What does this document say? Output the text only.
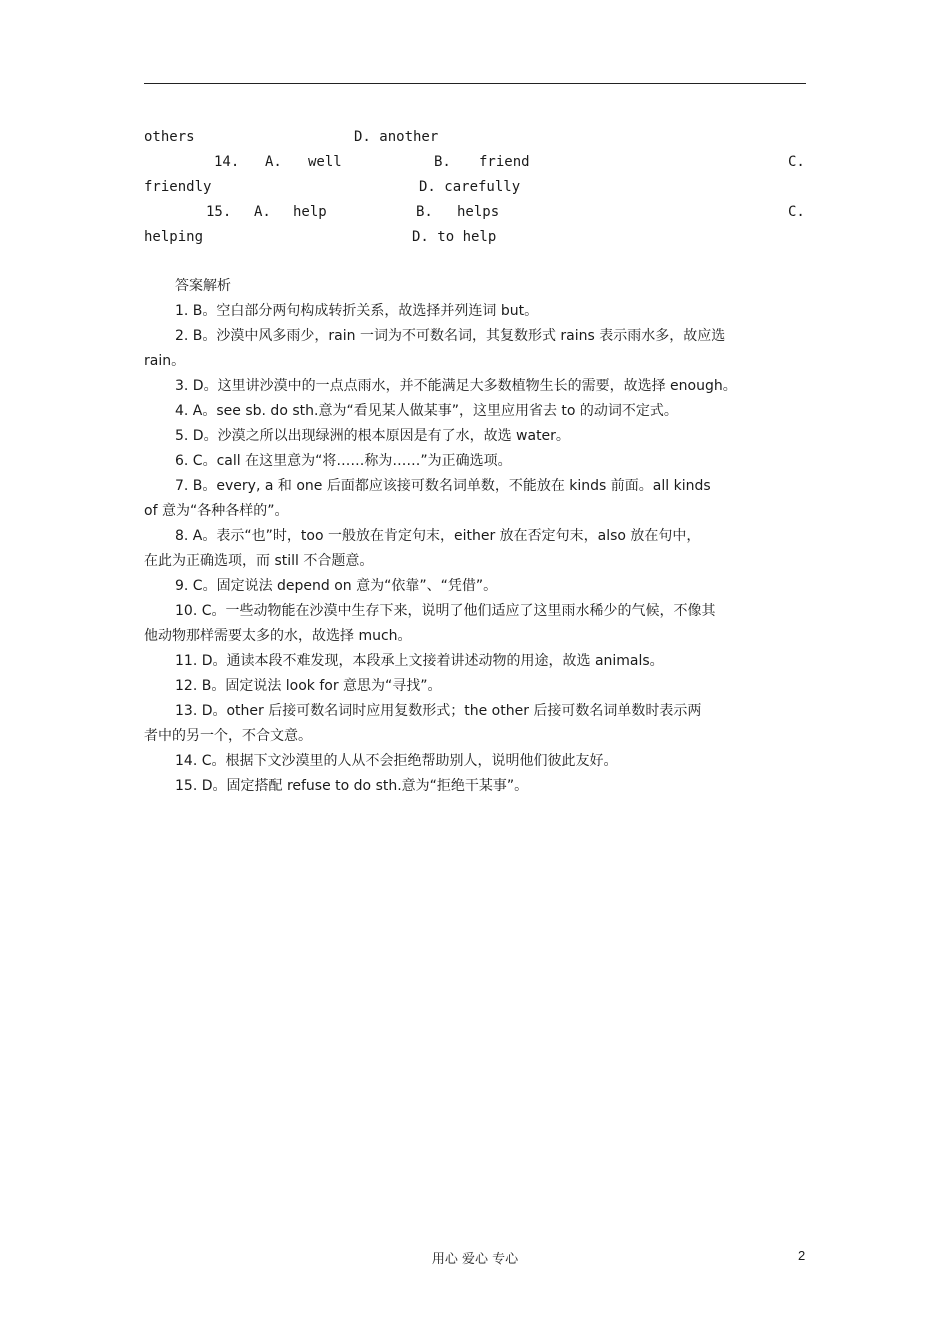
others	D. another
14. A. well	B. friend	C.
friendly	D. carefully
15. A. help	B. helps	C.
helping	D. to help
答案解析
1. B。空白部分两句构成转折关系，故选择并列连词 but。
2. B。沙漠中风多雨少，rain 一词为不可数名词，其复数形式 rains 表示雨水多，故应选
rain。
3. D。这里讲沙漠中的一点点雨水，并不能满足大多数植物生长的需要，故选择 enough。
4. A。see sb. do sth.意为“看见某人做某事”，这里应用省去 to 的动词不定式。
5. D。沙漠之所以出现绿洲的根本原因是有了水，故选 water。
6. C。call 在这里意为“将……称为……”为正确选项。
7. B。every, a 和 one 后面都应该接可数名词单数，不能放在 kinds 前面。all kinds
of 意为“各种各样的”。
8. A。表示“也”时，too 一般放在肯定句末，either 放在否定句末，also 放在句中，
在此为正确选项，而 still 不合题意。
9. C。固定说法 depend on 意为“依靠”、“凭借”。
10. C。一些动物能在沙漠中生存下来，说明了他们适应了这里雨水稀少的气候，不像其
他动物那样需要太多的水，故选择 much。
11. D。通读本段不难发现，本段承上文接着讲述动物的用途，故选 animals。
12. B。固定说法 look for 意思为“寻找”。
13. D。other 后接可数名词时应用复数形式；the other 后接可数名词单数时表示两
者中的另一个，不合文意。
14. C。根据下文沙漠里的人从不会拒绝帮助别人，说明他们彼此友好。
15. D。固定搭配 refuse to do sth.意为“拒绝干某事”。
用心 爱心 专心	2
